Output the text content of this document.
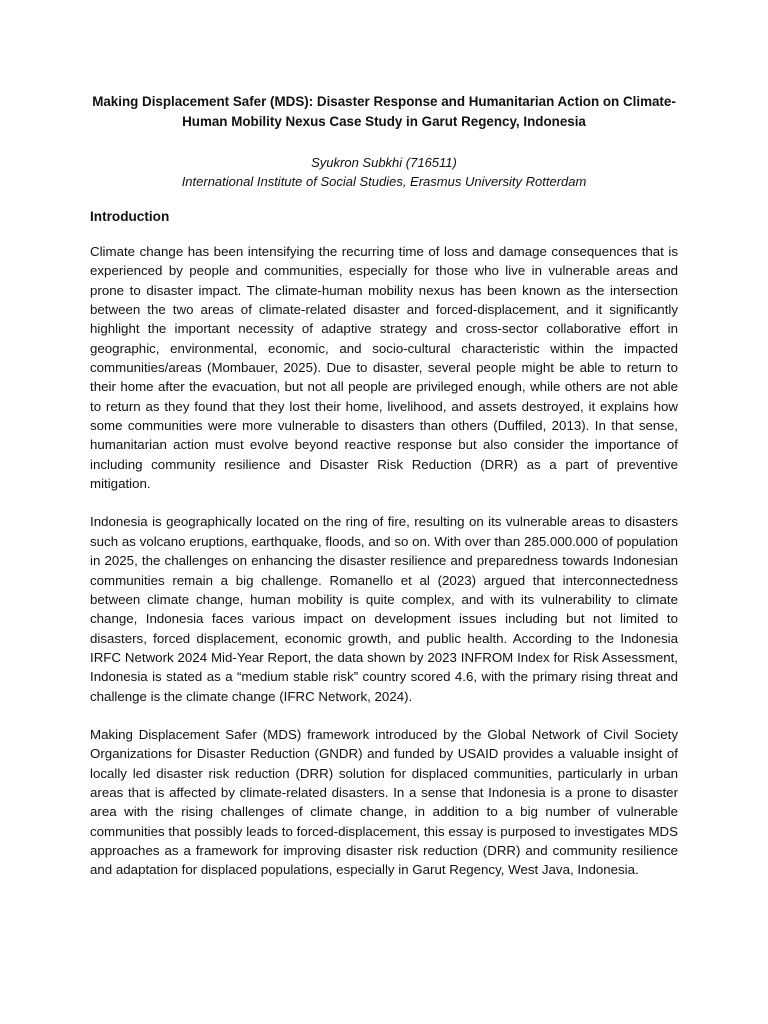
Making Displacement Safer (MDS): Disaster Response and Humanitarian Action on Climate-Human Mobility Nexus Case Study in Garut Regency, Indonesia
Syukron Subkhi (716511)
International Institute of Social Studies, Erasmus University Rotterdam
Introduction

Climate change has been intensifying the recurring time of loss and damage consequences that is experienced by people and communities, especially for those who live in vulnerable areas and prone to disaster impact. The climate-human mobility nexus has been known as the intersection between the two areas of climate-related disaster and forced-displacement, and it significantly highlight the important necessity of adaptive strategy and cross-sector collaborative effort in geographic, environmental, economic, and socio-cultural characteristic within the impacted communities/areas (Mombauer, 2025). Due to disaster, several people might be able to return to their home after the evacuation, but not all people are privileged enough, while others are not able to return as they found that they lost their home, livelihood, and assets destroyed, it explains how some communities were more vulnerable to disasters than others (Duffiled, 2013). In that sense, humanitarian action must evolve beyond reactive response but also consider the importance of including community resilience and Disaster Risk Reduction (DRR) as a part of preventive mitigation.

Indonesia is geographically located on the ring of fire, resulting on its vulnerable areas to disasters such as volcano eruptions, earthquake, floods, and so on. With over than 285.000.000 of population in 2025, the challenges on enhancing the disaster resilience and preparedness towards Indonesian communities remain a big challenge. Romanello et al (2023) argued that interconnectedness between climate change, human mobility is quite complex, and with its vulnerability to climate change, Indonesia faces various impact on development issues including but not limited to disasters, forced displacement, economic growth, and public health. According to the Indonesia IRFC Network 2024 Mid-Year Report, the data shown by 2023 INFROM Index for Risk Assessment, Indonesia is stated as a “medium stable risk” country scored 4.6, with the primary rising threat and challenge is the climate change (IFRC Network, 2024).

Making Displacement Safer (MDS) framework introduced by the Global Network of Civil Society Organizations for Disaster Reduction (GNDR) and funded by USAID provides a valuable insight of locally led disaster risk reduction (DRR) solution for displaced communities, particularly in urban areas that is affected by climate-related disasters. In a sense that Indonesia is a prone to disaster area with the rising challenges of climate change, in addition to a big number of vulnerable communities that possibly leads to forced-displacement, this essay is purposed to investigates MDS approaches as a framework for improving disaster risk reduction (DRR) and community resilience and adaptation for displaced populations, especially in Garut Regency, West Java, Indonesia.
